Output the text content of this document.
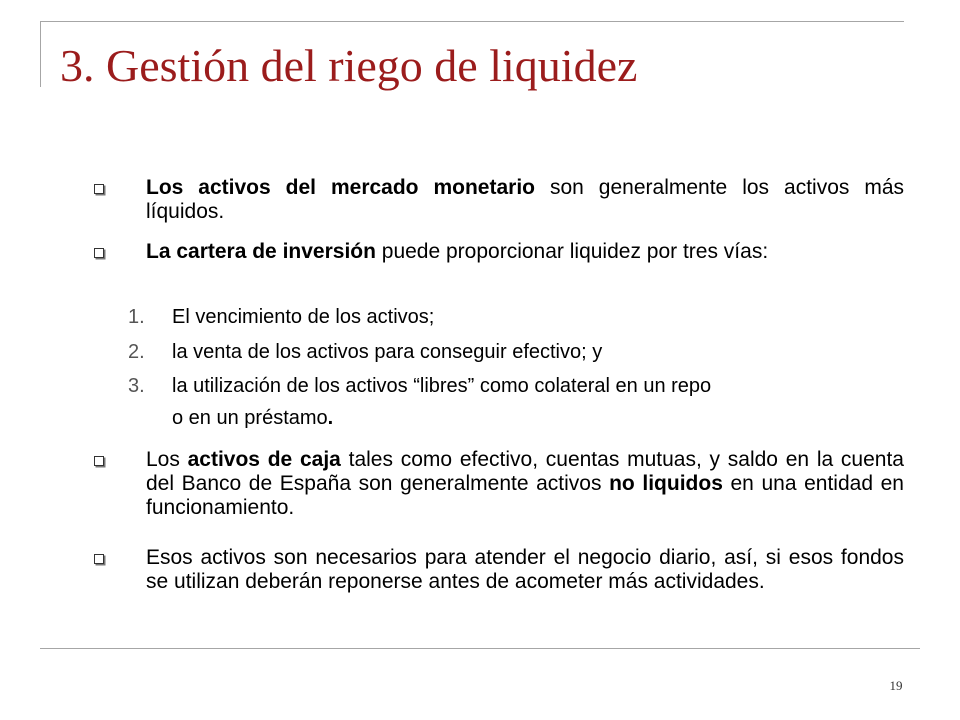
3. Gestión del riego de liquidez
Los activos del mercado monetario son generalmente los activos más líquidos.
La cartera de inversión puede proporcionar liquidez por tres vías:
1. El vencimiento de los activos;
2. la venta de los activos para conseguir efectivo; y
3. la utilización de los activos “libres” como colateral en un repo
o en un préstamo.
Los activos de caja tales como efectivo, cuentas mutuas, y saldo en la cuenta del Banco de España son generalmente activos no liquidos en una entidad en funcionamiento.
Esos activos son necesarios para atender el negocio diario, así, si esos fondos se utilizan deberán reponerse antes de acometer más actividades.
19
